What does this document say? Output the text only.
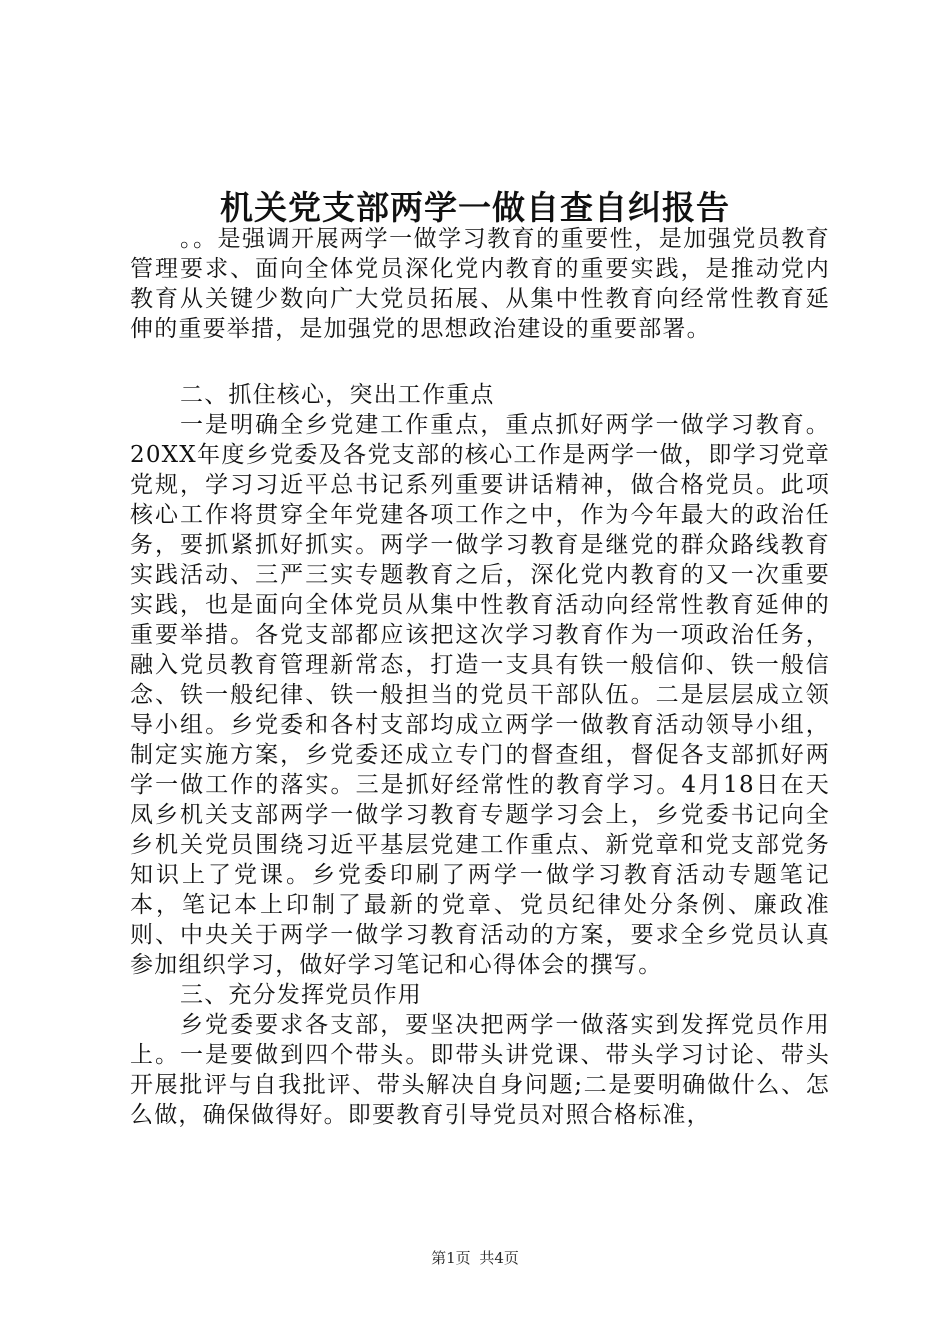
机关党支部两学一做自查自纠报告

。。是强调开展两学一做学习教育的重要性，是加强党员教育管理要求、面向全体党员深化党内教育的重要实践，是推动党内教育从关键少数向广大党员拓展、从集中性教育向经常性教育延伸的重要举措，是加强党的思想政治建设的重要部署。

二、抓住核心，突出工作重点

一是明确全乡党建工作重点，重点抓好两学一做学习教育。20XX年度乡党委及各党支部的核心工作是两学一做，即学习党章党规，学习习近平总书记系列重要讲话精神，做合格党员。此项核心工作将贯穿全年党建各项工作之中，作为今年最大的政治任务，要抓紧抓好抓实。两学一做学习教育是继党的群众路线教育实践活动、三严三实专题教育之后，深化党内教育的又一次重要实践，也是面向全体党员从集中性教育活动向经常性教育延伸的重要举措。各党支部都应该把这次学习教育作为一项政治任务，融入党员教育管理新常态，打造一支具有铁一般信仰、铁一般信念、铁一般纪律、铁一般担当的党员干部队伍。二是层层成立领导小组。乡党委和各村支部均成立两学一做教育活动领导小组，制定实施方案，乡党委还成立专门的督查组，督促各支部抓好两学一做工作的落实。三是抓好经常性的教育学习。4月18日在天凤乡机关支部两学一做学习教育专题学习会上，乡党委书记向全乡机关党员围绕习近平基层党建工作重点、新党章和党支部党务知识上了党课。乡党委印刷了两学一做学习教育活动专题笔记本，笔记本上印制了最新的党章、党员纪律处分条例、廉政准则、中央关于两学一做学习教育活动的方案，要求全乡党员认真参加组织学习，做好学习笔记和心得体会的撰写。

三、充分发挥党员作用

乡党委要求各支部，要坚决把两学一做落实到发挥党员作用上。一是要做到四个带头。即带头讲党课、带头学习讨论、带头开展批评与自我批评、带头解决自身问题;二是要明确做什么、怎么做，确保做得好。即要教育引导党员对照合格标准，

第1页 共4页
